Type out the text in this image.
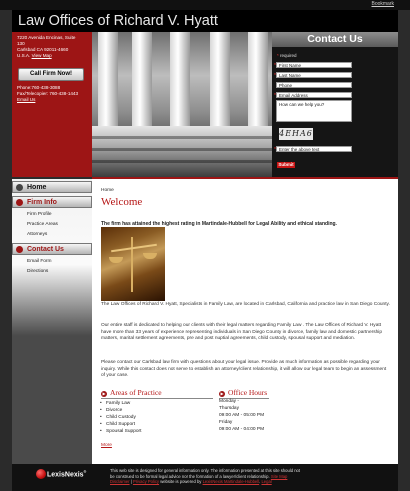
Bookmark
Law Offices of Richard V. Hyatt
7220 Avenida Encinas, Suite
130
Carlsbad CA 92011-4660
U.S.A. View Map
Call Firm Now!
Phone:760-438-3088
Fax/Telecopier: 760-438-1443
Email Us
Contact Us
* required
* First Name
* Last Name
Phone
* Email Address
How can we help you?
4EHA6
* Enter the above text
Submit
Home
Firm Info
Firm Profile
Practice Areas
Attorneys
Contact Us
Email Form
Directions
Home
Welcome
The firm has attained the highest rating in Martindale-Hubbell for Legal Ability and ethical standing.
The Law Offices of Richard V. Hyatt, Specialists in Family Law, are located in Carlsbad, California and practice law in San Diego County.
Our entire staff is dedicated to helping our clients with their legal matters regarding Family Law . The Law Offices of Richard V. Hyatt have more than 33 years of experience representing individuals in San Diego County in divorce, family law and domestic partnership matters, marital settlement agreements, pre and post nuptial agreements, child custody, spousal support and mediation.
Please contact our Carlsbad law firm with questions about your legal issue. Provide as much information as possible regarding your inquiry. While this contact does not serve to establish an attorney/client relationship, it will allow our legal team to begin an assessment of your case.
▶ Areas of Practice
• Family Law
• Divorce
• Child Custody
• Child Support
• Spousal Support
▶ Office Hours
Monday -
Thursday
09:00 AM - 05:00 PM
Friday
09:00 AM - 04:00 PM
More
LexisNexis®	This web site is designed for general information only. The information presented at this site should not
be construed to be formal legal advice nor the formation of a lawyer/client relationship. Site Map
Disclaimer | Privacy Policy website is powered by LexisNexis Martindale-Hubbell. Legal
